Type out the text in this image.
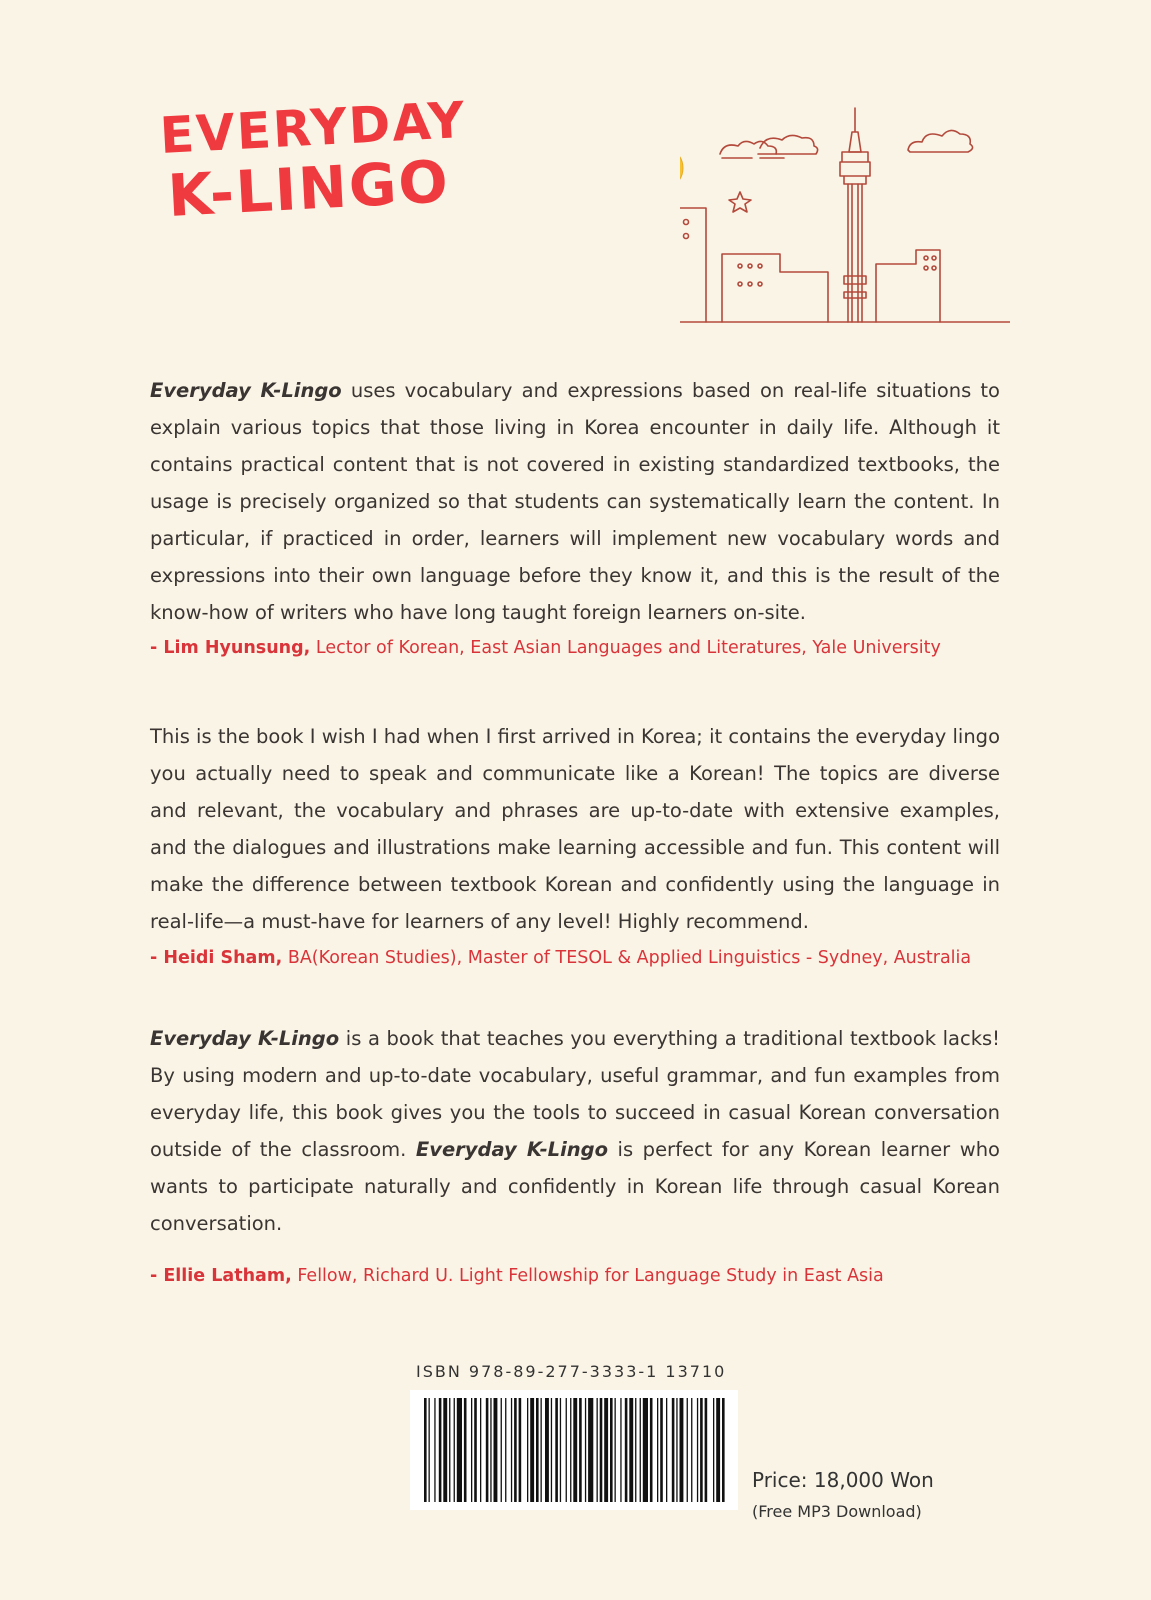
EVERYDAY
K-LINGO

Everyday K-Lingo uses vocabulary and expressions based on real-life situations to explain various topics that those living in Korea encounter in daily life. Although it contains practical content that is not covered in existing standardized textbooks, the usage is precisely organized so that students can systematically learn the content. In particular, if practiced in order, learners will implement new vocabulary words and expressions into their own language before they know it, and this is the result of the know-how of writers who have long taught foreign learners on-site.

- Lim Hyunsung, Lector of Korean, East Asian Languages and Literatures, Yale University

This is the book I wish I had when I first arrived in Korea; it contains the everyday lingo you actually need to speak and communicate like a Korean! The topics are diverse and relevant, the vocabulary and phrases are up-to-date with extensive examples, and the dialogues and illustrations make learning accessible and fun. This content will make the difference between textbook Korean and confidently using the language in real-life—a must-have for learners of any level! Highly recommend.

- Heidi Sham, BA(Korean Studies), Master of TESOL & Applied Linguistics - Sydney, Australia

Everyday K-Lingo is a book that teaches you everything a traditional textbook lacks! By using modern and up-to-date vocabulary, useful grammar, and fun examples from everyday life, this book gives you the tools to succeed in casual Korean conversation outside of the classroom. Everyday K-Lingo is perfect for any Korean learner who wants to participate naturally and confidently in Korean life through casual Korean conversation.

- Ellie Latham, Fellow, Richard U. Light Fellowship for Language Study in East Asia
ISBN 978-89-277-3333-1 13710
Price: 18,000 Won
(Free MP3 Download)
